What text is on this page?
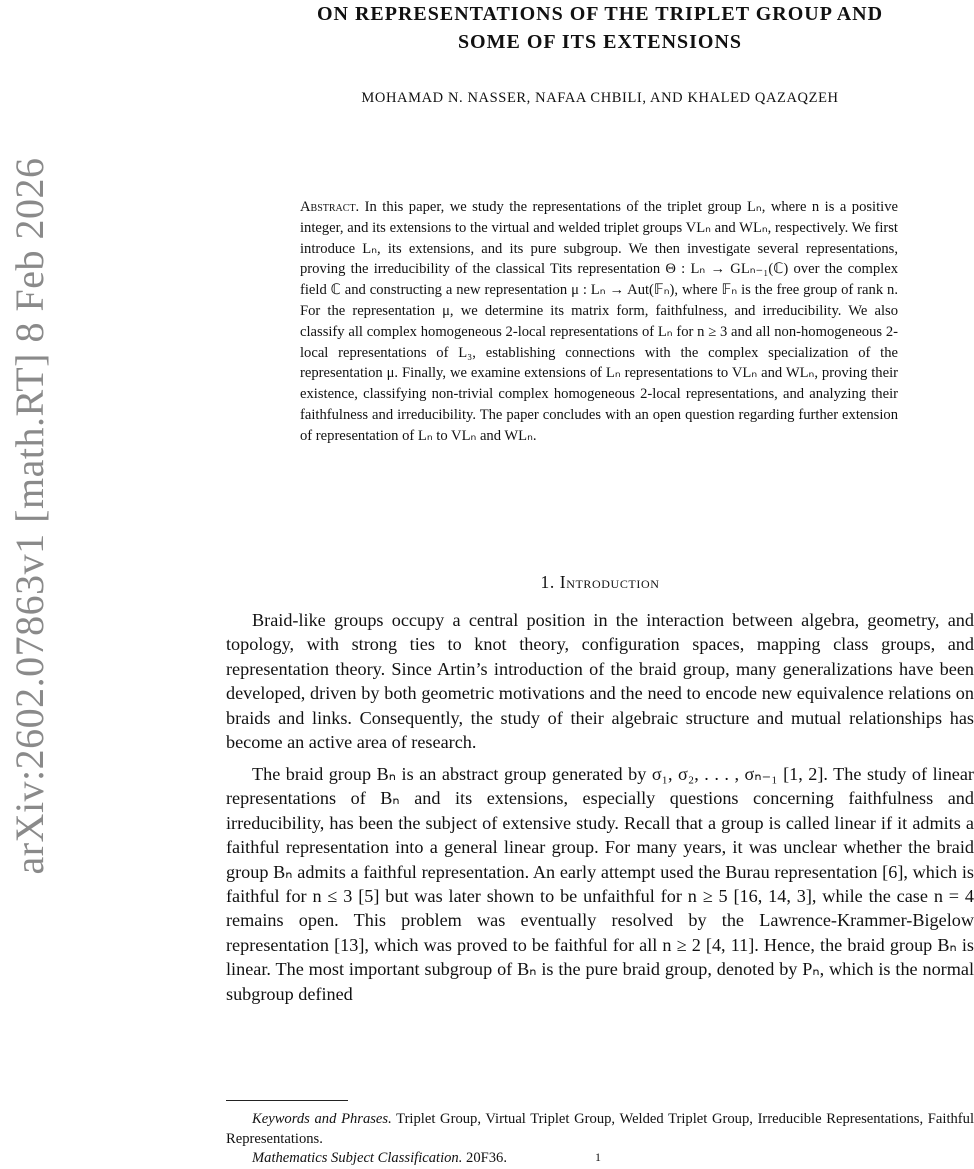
arXiv:2602.07863v1 [math.RT] 8 Feb 2026
ON REPRESENTATIONS OF THE TRIPLET GROUP AND
SOME OF ITS EXTENSIONS
MOHAMAD N. NASSER, NAFAA CHBILI, AND KHALED QAZAQZEH
Abstract. In this paper, we study the representations of the triplet group Lₙ, where n is a positive integer, and its extensions to the virtual and welded triplet groups VLₙ and WLₙ, respectively. We first introduce Lₙ, its extensions, and its pure subgroup. We then investigate several representations, proving the irreducibility of the classical Tits representation Θ : Lₙ → GLₙ₋₁(ℂ) over the complex field ℂ and constructing a new representation μ : Lₙ → Aut(𝔽ₙ), where 𝔽ₙ is the free group of rank n. For the representation μ, we determine its matrix form, faithfulness, and irreducibility. We also classify all complex homogeneous 2-local representations of Lₙ for n ≥ 3 and all non-homogeneous 2-local representations of L₃, establishing connections with the complex specialization of the representation μ. Finally, we examine extensions of Lₙ representations to VLₙ and WLₙ, proving their existence, classifying non-trivial complex homogeneous 2-local representations, and analyzing their faithfulness and irreducibility. The paper concludes with an open question regarding further extension of representation of Lₙ to VLₙ and WLₙ.
1. Introduction
Braid-like groups occupy a central position in the interaction between algebra, geometry, and topology, with strong ties to knot theory, configuration spaces, mapping class groups, and representation theory. Since Artin’s introduction of the braid group, many generalizations have been developed, driven by both geometric motivations and the need to encode new equivalence relations on braids and links. Consequently, the study of their algebraic structure and mutual relationships has become an active area of research.
The braid group Bₙ is an abstract group generated by σ₁, σ₂, . . . , σₙ₋₁ [1, 2]. The study of linear representations of Bₙ and its extensions, especially questions concerning faithfulness and irreducibility, has been the subject of extensive study. Recall that a group is called linear if it admits a faithful representation into a general linear group. For many years, it was unclear whether the braid group Bₙ admits a faithful representation. An early attempt used the Burau representation [6], which is faithful for n ≤ 3 [5] but was later shown to be unfaithful for n ≥ 5 [16, 14, 3], while the case n = 4 remains open. This problem was eventually resolved by the Lawrence-Krammer-Bigelow representation [13], which was proved to be faithful for all n ≥ 2 [4, 11]. Hence, the braid group Bₙ is linear. The most important subgroup of Bₙ is the pure braid group, denoted by Pₙ, which is the normal subgroup defined

Keywords and Phrases. Triplet Group, Virtual Triplet Group, Welded Triplet Group, Irreducible Representations, Faithful Representations.

Mathematics Subject Classification. 20F36.	1
